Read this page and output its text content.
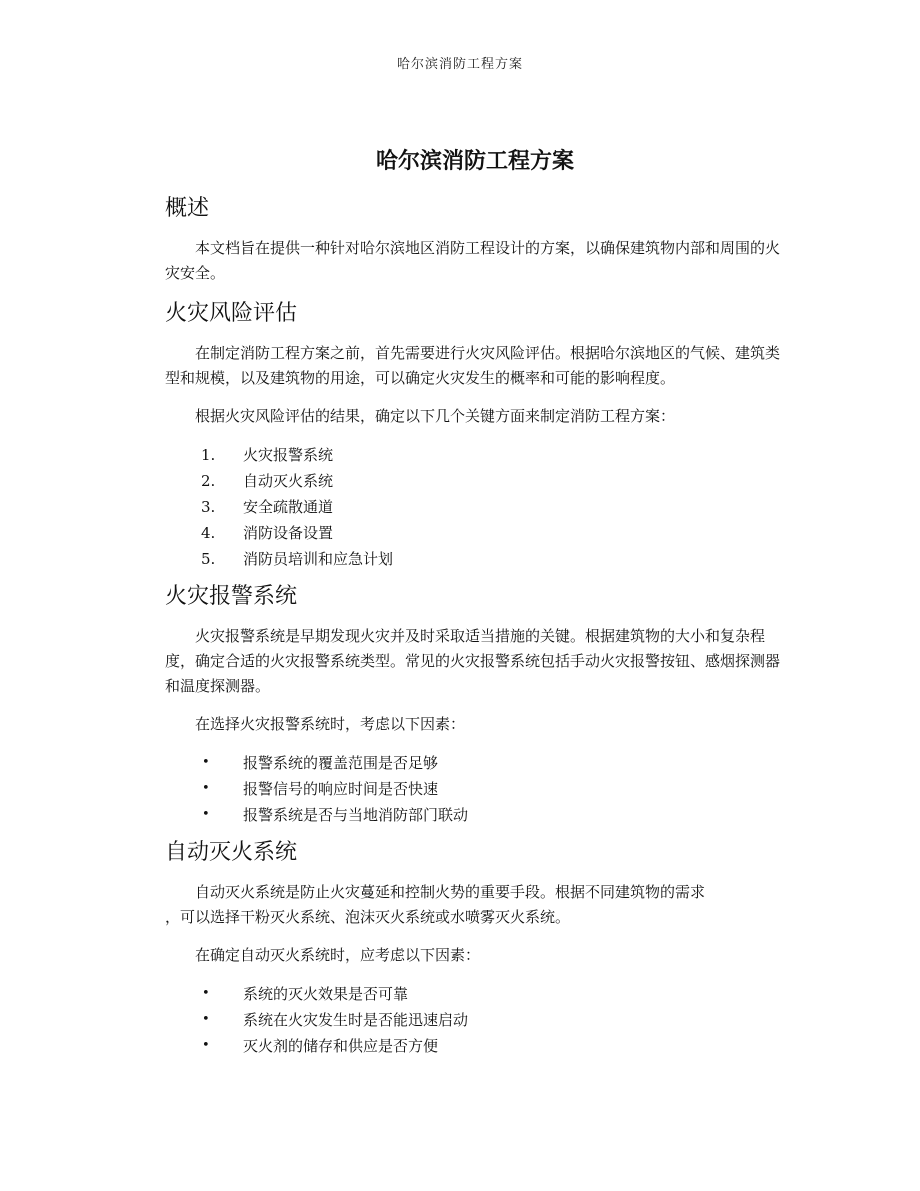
哈尔滨消防工程方案
哈尔滨消防工程方案
概述

　　本文档旨在提供一种针对哈尔滨地区消防工程设计的方案，以确保建筑物内部和周围的火灾安全。

火灾风险评估

　　在制定消防工程方案之前，首先需要进行火灾风险评估。根据哈尔滨地区的气候、建筑类型和规模，以及建筑物的用途，可以确定火灾发生的概率和可能的影响程度。

　　根据火灾风险评估的结果，确定以下几个关键方面来制定消防工程方案：

1.	火灾报警系统
2.	自动灭火系统
3.	安全疏散通道
4.	消防设备设置
5.	消防员培训和应急计划
火灾报警系统

　　火灾报警系统是早期发现火灾并及时采取适当措施的关键。根据建筑物的大小和复杂程度，确定合适的火灾报警系统类型。常见的火灾报警系统包括手动火灾报警按钮、感烟探测器和温度探测器。

　　在选择火灾报警系统时，考虑以下因素：

• 报警系统的覆盖范围是否足够
• 报警信号的响应时间是否快速
• 报警系统是否与当地消防部门联动
自动灭火系统

　　自动灭火系统是防止火灾蔓延和控制火势的重要手段。根据不同建筑物的需求
，可以选择干粉灭火系统、泡沫灭火系统或水喷雾灭火系统。

　　在确定自动灭火系统时，应考虑以下因素：

• 系统的灭火效果是否可靠
• 系统在火灾发生时是否能迅速启动
• 灭火剂的储存和供应是否方便
